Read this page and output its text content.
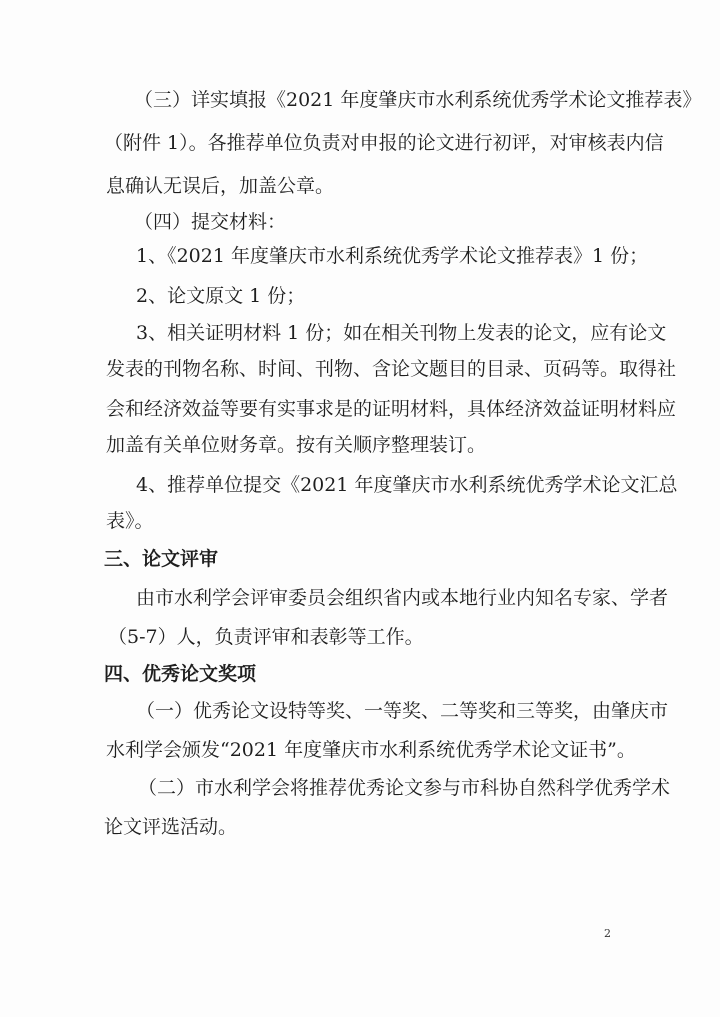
（三）详实填报《2021 年度肇庆市水利系统优秀学术论文推荐表》
（附件 1）。各推荐单位负责对申报的论文进行初评，对审核表内信
息确认无误后，加盖公章。
（四）提交材料：
1、《2021 年度肇庆市水利系统优秀学术论文推荐表》1 份；
2、论文原文 1 份；
3、相关证明材料 1 份；如在相关刊物上发表的论文，应有论文
发表的刊物名称、时间、刊物、含论文题目的目录、页码等。取得社
会和经济效益等要有实事求是的证明材料，具体经济效益证明材料应
加盖有关单位财务章。按有关顺序整理装订。
4、推荐单位提交《2021 年度肇庆市水利系统优秀学术论文汇总
表》。
三、论文评审
由市水利学会评审委员会组织省内或本地行业内知名专家、学者
（5-7）人，负责评审和表彰等工作。
四、优秀论文奖项
（一）优秀论文设特等奖、一等奖、二等奖和三等奖，由肇庆市
水利学会颁发“2021 年度肇庆市水利系统优秀学术论文证书”。
（二）市水利学会将推荐优秀论文参与市科协自然科学优秀学术
论文评选活动。
2
